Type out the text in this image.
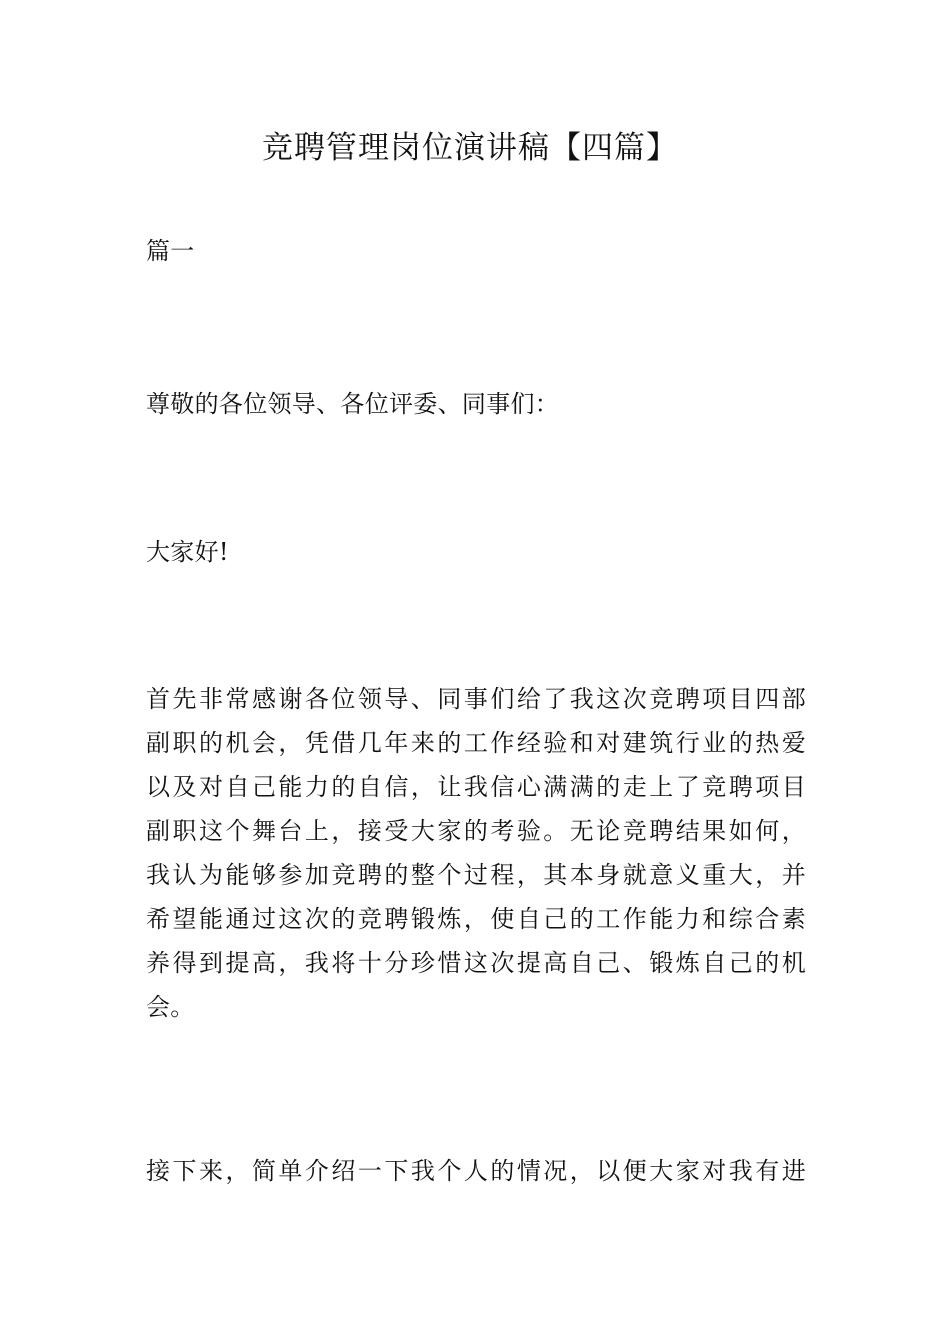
竞聘管理岗位演讲稿【四篇】
篇一
尊敬的各位领导、各位评委、同事们：
大家好!
首先非常感谢各位领导、同事们给了我这次竞聘项目四部
副职的机会，凭借几年来的工作经验和对建筑行业的热爱
以及对自己能力的自信，让我信心满满的走上了竞聘项目
副职这个舞台上，接受大家的考验。无论竞聘结果如何，
我认为能够参加竞聘的整个过程，其本身就意义重大，并
希望能通过这次的竞聘锻炼，使自己的工作能力和综合素
养得到提高，我将十分珍惜这次提高自己、锻炼自己的机
会。
接下来，简单介绍一下我个人的情况，以便大家对我有进
